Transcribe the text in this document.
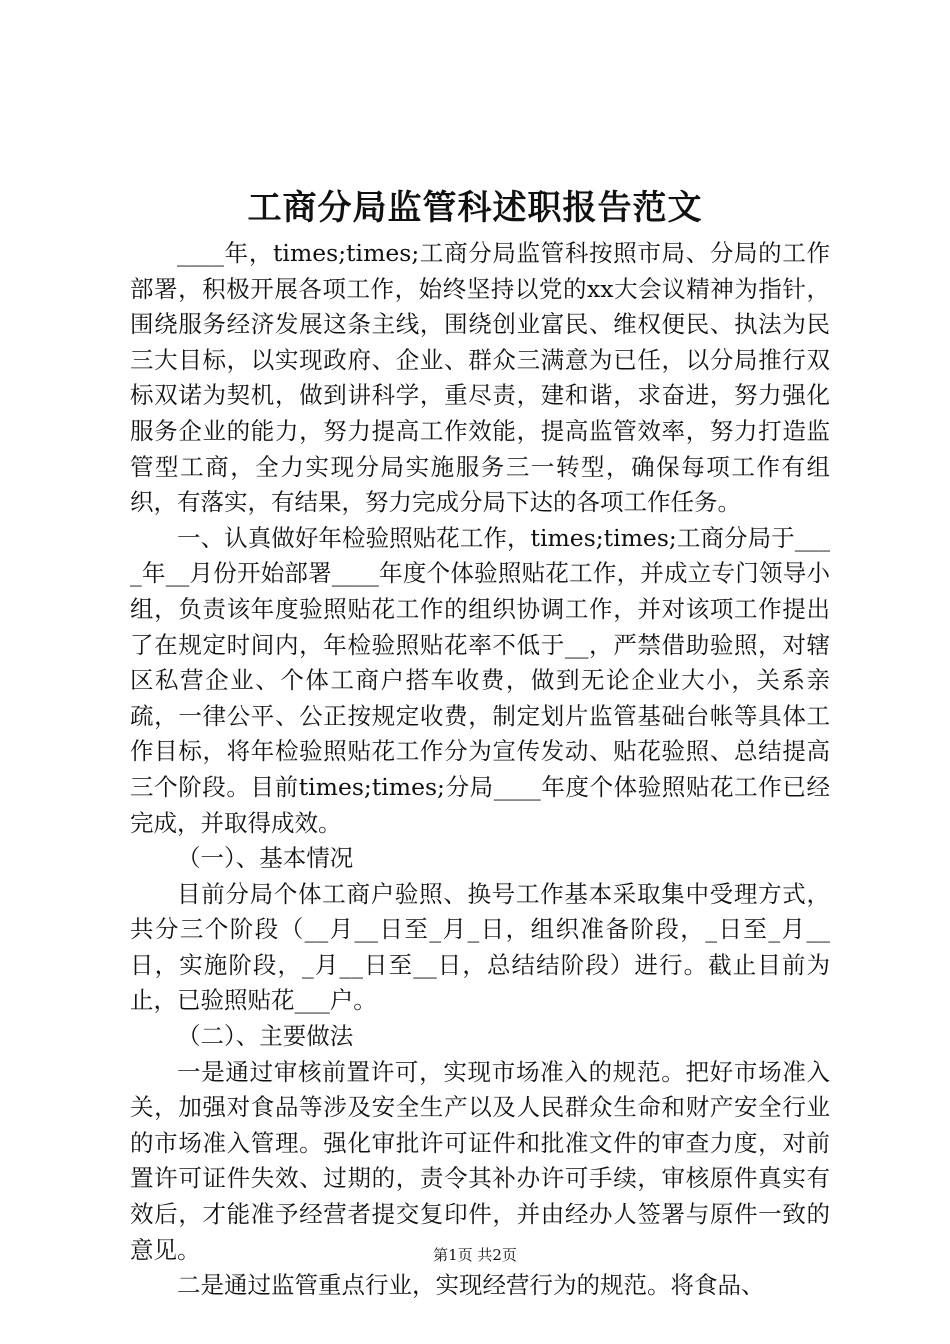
工商分局监管科述职报告范文

____年，times;times;工商分局监管科按照市局、分局的工作部署，积极开展各项工作，始终坚持以党的xx大会议精神为指针，围绕服务经济发展这条主线，围绕创业富民、维权便民、执法为民三大目标，以实现政府、企业、群众三满意为已任，以分局推行双标双诺为契机，做到讲科学，重尽责，建和谐，求奋进，努力强化服务企业的能力，努力提高工作效能，提高监管效率，努力打造监管型工商，全力实现分局实施服务三一转型，确保每项工作有组织，有落实，有结果，努力完成分局下达的各项工作任务。

一、认真做好年检验照贴花工作，times;times;工商分局于____年__月份开始部署____年度个体验照贴花工作，并成立专门领导小组，负责该年度验照贴花工作的组织协调工作，并对该项工作提出了在规定时间内，年检验照贴花率不低于__，严禁借助验照，对辖区私营企业、个体工商户搭车收费，做到无论企业大小，关系亲疏，一律公平、公正按规定收费，制定划片监管基础台帐等具体工作目标，将年检验照贴花工作分为宣传发动、贴花验照、总结提高三个阶段。目前times;times;分局____年度个体验照贴花工作已经完成，并取得成效。

（一）、基本情况

目前分局个体工商户验照、换号工作基本采取集中受理方式，共分三个阶段（__月__日至_月_日，组织准备阶段，_日至_月__日，实施阶段，_月__日至__日，总结结阶段）进行。截止目前为止，已验照贴花___户。

（二）、主要做法

一是通过审核前置许可，实现市场准入的规范。把好市场准入关，加强对食品等涉及安全生产以及人民群众生命和财产安全行业的市场准入管理。强化审批许可证件和批准文件的审查力度，对前置许可证件失效、过期的，责令其补办许可手续，审核原件真实有效后，才能准予经营者提交复印件，并由经办人签署与原件一致的意见。

二是通过监管重点行业，实现经营行为的规范。将食品、

第1页 共2页
